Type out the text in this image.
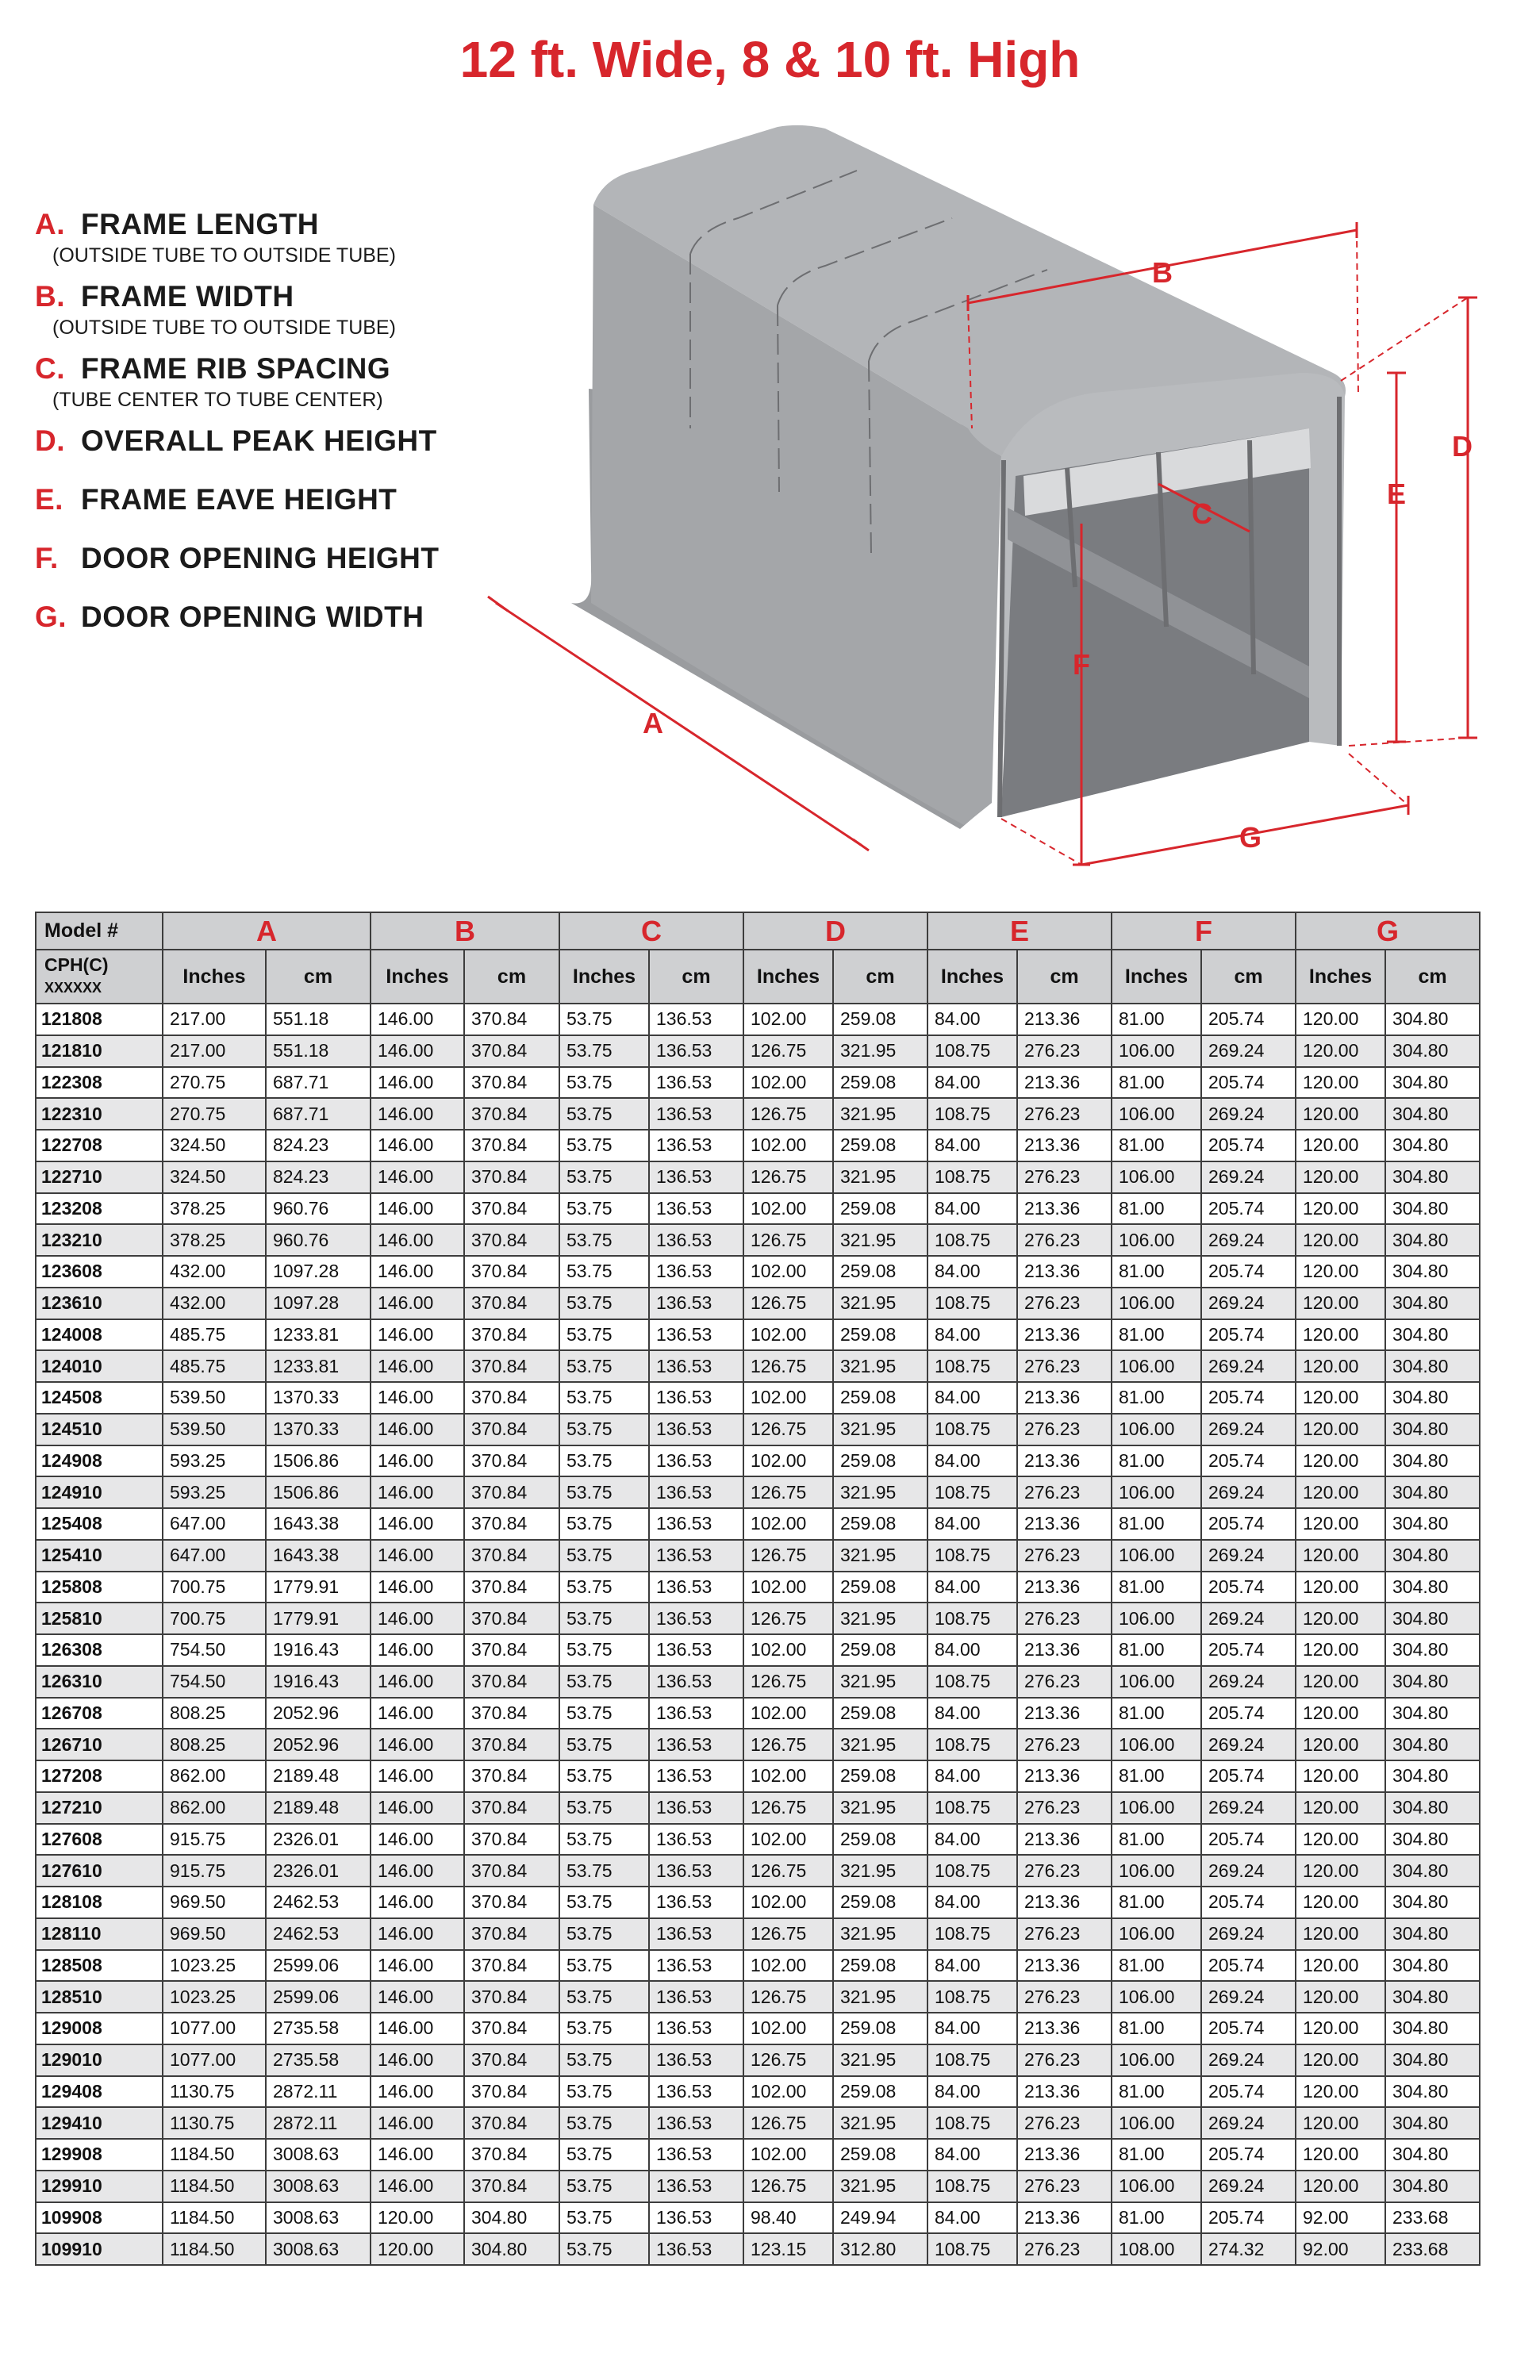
12 ft. Wide, 8 & 10 ft. High
A. FRAME LENGTH
(OUTSIDE TUBE TO OUTSIDE TUBE)
B. FRAME WIDTH
(OUTSIDE TUBE TO OUTSIDE TUBE)
C. FRAME RIB SPACING
(TUBE CENTER TO TUBE CENTER)
D. OVERALL PEAK HEIGHT
E. FRAME EAVE HEIGHT
F. DOOR OPENING HEIGHT
G. DOOR OPENING WIDTH
A
B
C
D
E
F
G
Model #	A		B		C		D		E		F		G	
CPH(C)
XXXXXX	Inches	cm	Inches	cm	Inches	cm	Inches	cm	Inches	cm	Inches	cm	Inches	cm
121808	217.00	551.18	146.00	370.84	53.75	136.53	102.00	259.08	84.00	213.36	81.00	205.74	120.00	304.80
121810	217.00	551.18	146.00	370.84	53.75	136.53	126.75	321.95	108.75	276.23	106.00	269.24	120.00	304.80
122308	270.75	687.71	146.00	370.84	53.75	136.53	102.00	259.08	84.00	213.36	81.00	205.74	120.00	304.80
122310	270.75	687.71	146.00	370.84	53.75	136.53	126.75	321.95	108.75	276.23	106.00	269.24	120.00	304.80
122708	324.50	824.23	146.00	370.84	53.75	136.53	102.00	259.08	84.00	213.36	81.00	205.74	120.00	304.80
122710	324.50	824.23	146.00	370.84	53.75	136.53	126.75	321.95	108.75	276.23	106.00	269.24	120.00	304.80
123208	378.25	960.76	146.00	370.84	53.75	136.53	102.00	259.08	84.00	213.36	81.00	205.74	120.00	304.80
123210	378.25	960.76	146.00	370.84	53.75	136.53	126.75	321.95	108.75	276.23	106.00	269.24	120.00	304.80
123608	432.00	1097.28	146.00	370.84	53.75	136.53	102.00	259.08	84.00	213.36	81.00	205.74	120.00	304.80
123610	432.00	1097.28	146.00	370.84	53.75	136.53	126.75	321.95	108.75	276.23	106.00	269.24	120.00	304.80
124008	485.75	1233.81	146.00	370.84	53.75	136.53	102.00	259.08	84.00	213.36	81.00	205.74	120.00	304.80
124010	485.75	1233.81	146.00	370.84	53.75	136.53	126.75	321.95	108.75	276.23	106.00	269.24	120.00	304.80
124508	539.50	1370.33	146.00	370.84	53.75	136.53	102.00	259.08	84.00	213.36	81.00	205.74	120.00	304.80
124510	539.50	1370.33	146.00	370.84	53.75	136.53	126.75	321.95	108.75	276.23	106.00	269.24	120.00	304.80
124908	593.25	1506.86	146.00	370.84	53.75	136.53	102.00	259.08	84.00	213.36	81.00	205.74	120.00	304.80
124910	593.25	1506.86	146.00	370.84	53.75	136.53	126.75	321.95	108.75	276.23	106.00	269.24	120.00	304.80
125408	647.00	1643.38	146.00	370.84	53.75	136.53	102.00	259.08	84.00	213.36	81.00	205.74	120.00	304.80
125410	647.00	1643.38	146.00	370.84	53.75	136.53	126.75	321.95	108.75	276.23	106.00	269.24	120.00	304.80
125808	700.75	1779.91	146.00	370.84	53.75	136.53	102.00	259.08	84.00	213.36	81.00	205.74	120.00	304.80
125810	700.75	1779.91	146.00	370.84	53.75	136.53	126.75	321.95	108.75	276.23	106.00	269.24	120.00	304.80
126308	754.50	1916.43	146.00	370.84	53.75	136.53	102.00	259.08	84.00	213.36	81.00	205.74	120.00	304.80
126310	754.50	1916.43	146.00	370.84	53.75	136.53	126.75	321.95	108.75	276.23	106.00	269.24	120.00	304.80
126708	808.25	2052.96	146.00	370.84	53.75	136.53	102.00	259.08	84.00	213.36	81.00	205.74	120.00	304.80
126710	808.25	2052.96	146.00	370.84	53.75	136.53	126.75	321.95	108.75	276.23	106.00	269.24	120.00	304.80
127208	862.00	2189.48	146.00	370.84	53.75	136.53	102.00	259.08	84.00	213.36	81.00	205.74	120.00	304.80
127210	862.00	2189.48	146.00	370.84	53.75	136.53	126.75	321.95	108.75	276.23	106.00	269.24	120.00	304.80
127608	915.75	2326.01	146.00	370.84	53.75	136.53	102.00	259.08	84.00	213.36	81.00	205.74	120.00	304.80
127610	915.75	2326.01	146.00	370.84	53.75	136.53	126.75	321.95	108.75	276.23	106.00	269.24	120.00	304.80
128108	969.50	2462.53	146.00	370.84	53.75	136.53	102.00	259.08	84.00	213.36	81.00	205.74	120.00	304.80
128110	969.50	2462.53	146.00	370.84	53.75	136.53	126.75	321.95	108.75	276.23	106.00	269.24	120.00	304.80
128508	1023.25	2599.06	146.00	370.84	53.75	136.53	102.00	259.08	84.00	213.36	81.00	205.74	120.00	304.80
128510	1023.25	2599.06	146.00	370.84	53.75	136.53	126.75	321.95	108.75	276.23	106.00	269.24	120.00	304.80
129008	1077.00	2735.58	146.00	370.84	53.75	136.53	102.00	259.08	84.00	213.36	81.00	205.74	120.00	304.80
129010	1077.00	2735.58	146.00	370.84	53.75	136.53	126.75	321.95	108.75	276.23	106.00	269.24	120.00	304.80
129408	1130.75	2872.11	146.00	370.84	53.75	136.53	102.00	259.08	84.00	213.36	81.00	205.74	120.00	304.80
129410	1130.75	2872.11	146.00	370.84	53.75	136.53	126.75	321.95	108.75	276.23	106.00	269.24	120.00	304.80
129908	1184.50	3008.63	146.00	370.84	53.75	136.53	102.00	259.08	84.00	213.36	81.00	205.74	120.00	304.80
129910	1184.50	3008.63	146.00	370.84	53.75	136.53	126.75	321.95	108.75	276.23	106.00	269.24	120.00	304.80
109908	1184.50	3008.63	120.00	304.80	53.75	136.53	98.40	249.94	84.00	213.36	81.00	205.74	92.00	233.68
109910	1184.50	3008.63	120.00	304.80	53.75	136.53	123.15	312.80	108.75	276.23	108.00	274.32	92.00	233.68
